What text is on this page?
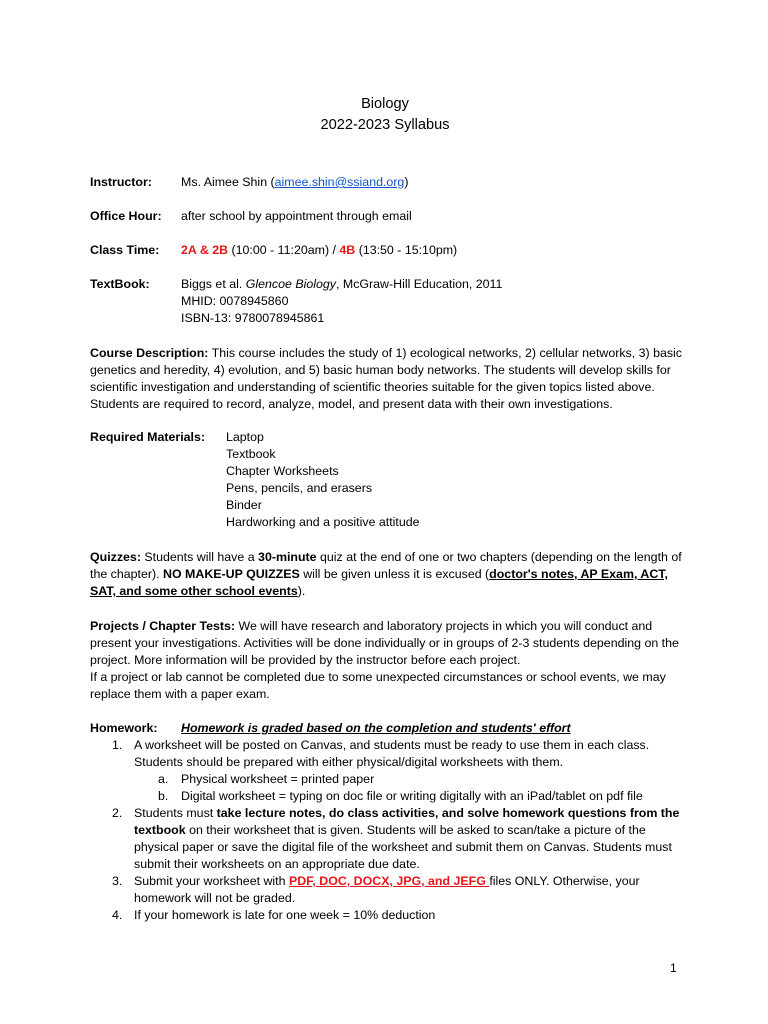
Biology
2022-2023 Syllabus
Instructor: Ms. Aimee Shin (aimee.shin@ssiand.org)
Office Hour: after school by appointment through email
Class Time: 2A & 2B (10:00 - 11:20am) / 4B (13:50 - 15:10pm)
TextBook:	Biggs et al. Glencoe Biology, McGraw-Hill Education, 2011
MHID: 0078945860
ISBN-13: 9780078945861
Course Description: This course includes the study of 1) ecological networks, 2) cellular networks, 3) basic genetics and heredity, 4) evolution, and 5) basic human body networks. The students will develop skills for scientific investigation and understanding of scientific theories suitable for the given topics listed above. Students are required to record, analyze, model, and present data with their own investigations.
Required Materials: Laptop
Textbook
Chapter Worksheets
Pens, pencils, and erasers
Binder
Hardworking and a positive attitude
Quizzes: Students will have a 30-minute quiz at the end of one or two chapters (depending on the length of the chapter). NO MAKE-UP QUIZZES will be given unless it is excused (doctor's notes, AP Exam, ACT, SAT, and some other school events).
Projects / Chapter Tests: We will have research and laboratory projects in which you will conduct and present your investigations. Activities will be done individually or in groups of 2-3 students depending on the project. More information will be provided by the instructor before each project.
If a project or lab cannot be completed due to some unexpected circumstances or school events, we may replace them with a paper exam.
Homework: Homework is graded based on the completion and students' effort
1. A worksheet will be posted on Canvas, and students must be ready to use them in each class. Students should be prepared with either physical/digital worksheets with them.
a. Physical worksheet = printed paper
b. Digital worksheet = typing on doc file or writing digitally with an iPad/tablet on pdf file
2. Students must take lecture notes, do class activities, and solve homework questions from the textbook on their worksheet that is given. Students will be asked to scan/take a picture of the physical paper or save the digital file of the worksheet and submit them on Canvas. Students must submit their worksheets on an appropriate due date.
3. Submit your worksheet with PDF, DOC, DOCX, JPG, and JEFG files ONLY. Otherwise, your homework will not be graded.
4. If your homework is late for one week = 10% deduction
1
